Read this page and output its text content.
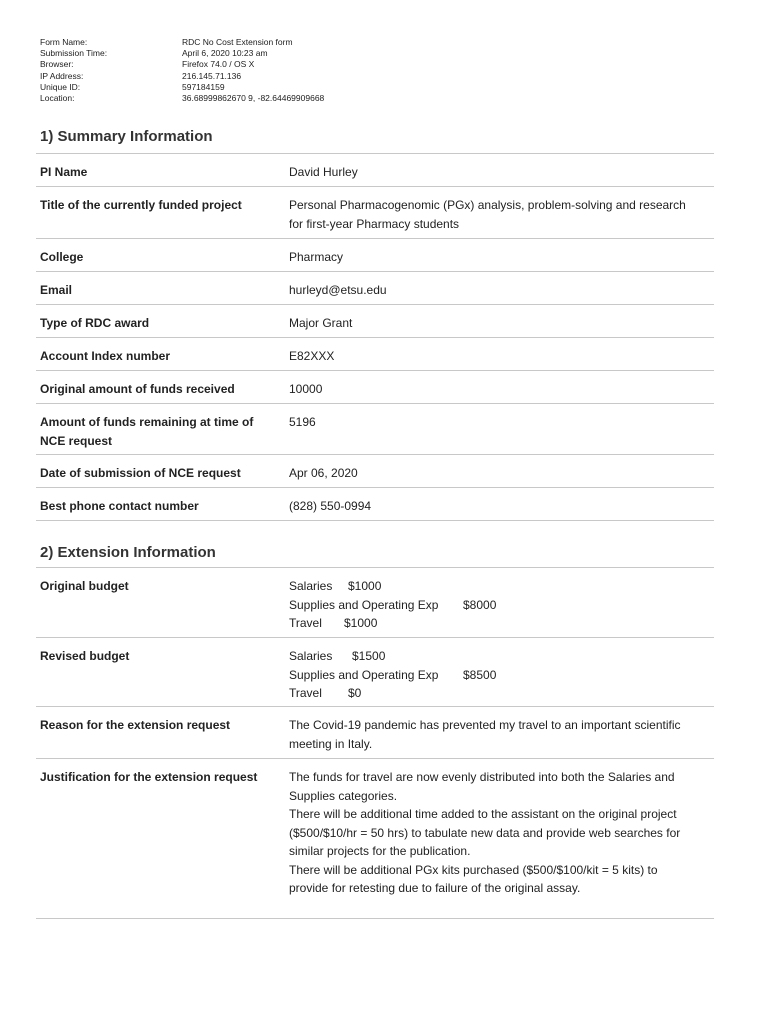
Form Name:	RDC No Cost Extension form
Submission Time:	April 6, 2020 10:23 am
Browser:	Firefox 74.0 / OS X
IP Address:	216.145.71.136
Unique ID:	597184159
Location:	36.68999862670 9, -82.64469909668
1) Summary Information
PI Name	David Hurley
Title of the currently funded project	Personal Pharmacogenomic (PGx) analysis, problem-solving and research
for first-year Pharmacy students
College	Pharmacy
Email	hurleyd@etsu.edu
Type of RDC award	Major Grant
Account Index number	E82XXX
Original amount of funds received	10000
Amount of funds remaining at time of
NCE request
5196
Date of submission of NCE request	Apr 06, 2020
Best phone contact number	(828) 550-0994
2) Extension Information
Original budget	Salaries	$1000
Supplies and Operating Exp	$8000
Travel	$1000
Revised budget	Salaries	$1500
Supplies and Operating Exp	$8500
Travel	$0
Reason for the extension request	The Covid-19 pandemic has prevented my travel to an important scientific
meeting in Italy.
Justification for the extension request	The funds for travel are now evenly distributed into both the Salaries and
Supplies categories.
There will be additional time added to the assistant on the original project
($500/$10/hr = 50 hrs) to tabulate new data and provide web searches for
similar projects for the publication.
There will be additional PGx kits purchased ($500/$100/kit = 5 kits) to
provide for retesting due to failure of the original assay.
